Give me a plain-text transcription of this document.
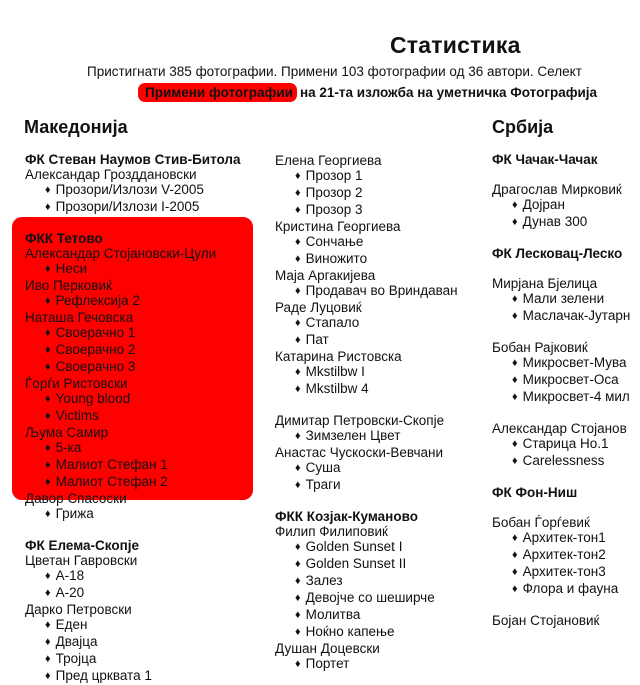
Статистика
Пристигнати 385 фотографии. Примени 103 фотографии од 36 автори. Селект
Примени фотографии на 21-та изложба на уметничка Фотографија
Македонија	Србија
ФК Стеван Наумов Стив-Битола
Александар Грозддановски
♦ Прозори/Излози V-2005
♦ Прозори/Излози I-2005
ФКК Тетово
Александар Стојановски-Цули
♦ Неси
Иво Перковиќ
♦ Рефлексија 2
Наташа Гечовска
♦ Своерачно 1
♦ Своерачно 2
♦ Своерачно 3
Ѓорѓи Ристовски
♦ Young blood
♦ Victims
Љума Самир
♦ 5-ка
♦ Малиот Стефан 1
♦ Малиот Стефан 2
Давор Спасоски
♦ Грижа
ФК Елема-Скопје
Цветан Гавровски
♦ А-18
♦ А-20
Дарко Петровски
♦ Еден
♦ Двајца
♦ Тројца
♦ Пред црквата 1
Елена Георгиева
♦ Прозор 1
♦ Прозор 2
♦ Прозор 3
Кристина Георгиева
♦ Сончање
♦ Виножито
Маја Аргакијева
♦ Продавач во Вриндаван
Раде Луцовиќ
♦ Стапало
♦ Пат
Катарина Ристовска
♦ Mkstilbw I
♦ Mkstilbw 4
Димитар Петровски-Скопје
♦ Зимзелен Цвет
Анастас Чускоски-Вевчани
♦ Суша
♦ Траги
ФКК Козјак-Куманово
Филип Филиповиќ
♦ Golden Sunset I
♦ Golden Sunset II
♦ Залез
♦ Девојче со шеширче
♦ Молитва
♦ Ноќно капење
Душан Доцевски
♦ Портет
ФК Чачак-Чачак
Драгослав Мирковиќ
♦ Дојран
♦ Дунав 300
ФК Лесковац-Леско
Мирјана Бјелица
♦ Мали зелени
♦ Маслачак-Јутарн
Бобан Рајковиќ
♦ Микросвет-Мува
♦ Микросвет-Оса
♦ Микросвет-4 мил
Александар Стојанов
♦ Старица Но.1
♦ Carelessness
ФК Фон-Ниш
Бобан Ѓорѓевиќ
♦ Архитек-тон1
♦ Архитек-тон2
♦ Архитек-тон3
♦ Флора и фауна
Бојан Стојановиќ
